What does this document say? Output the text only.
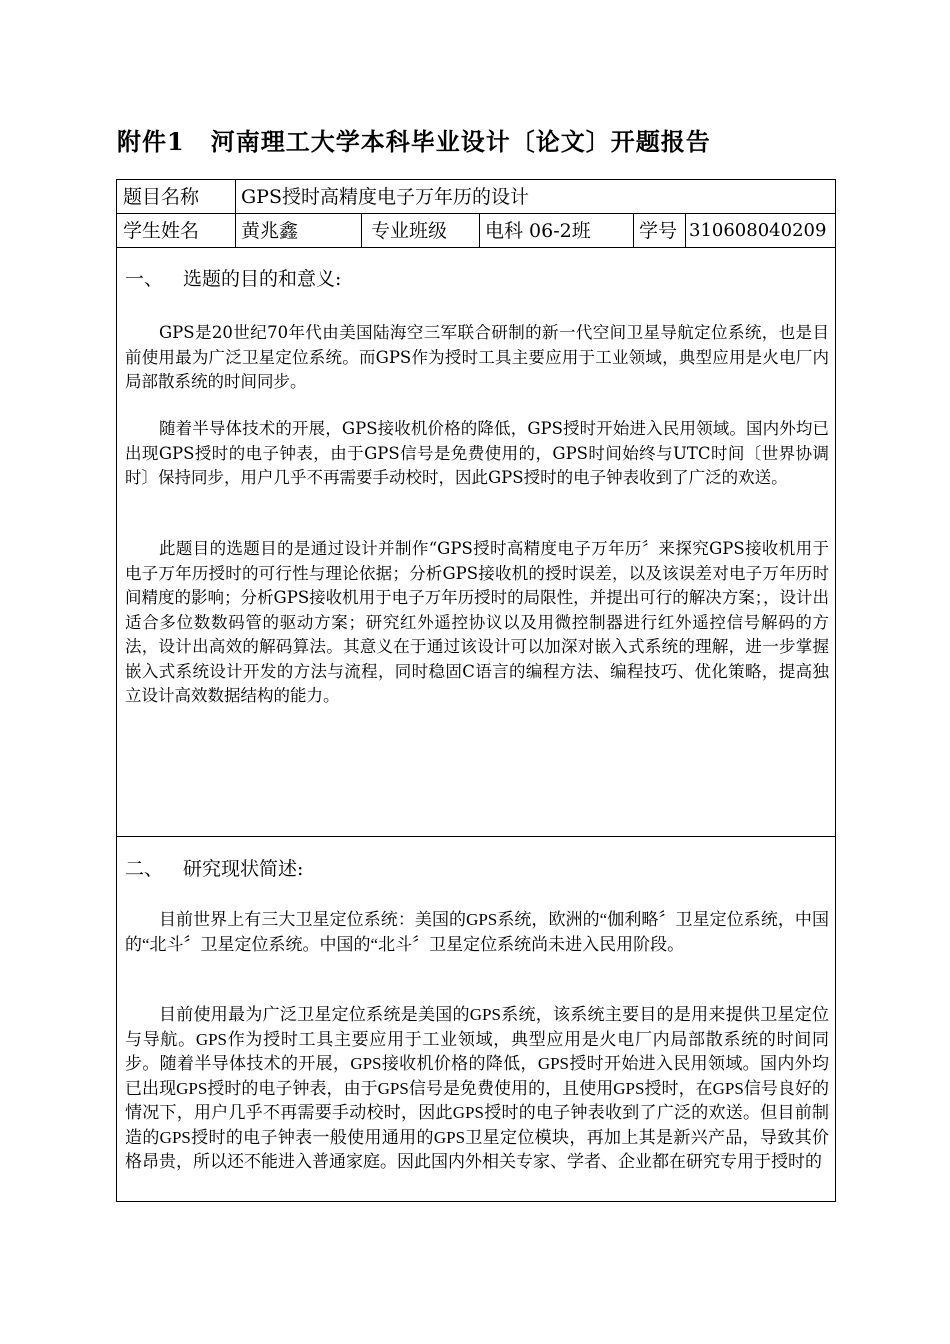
附件1 河南理工大学本科毕业设计〔论文〕开题报告
题目名称	GPS授时高精度电子万年历的设计
学生姓名	黄兆鑫	专业班级	电科 06-2班	学号 310608040209
一、 选题的目的和意义:

GPS是20世纪70年代由美国陆海空三军联合研制的新一代空间卫星导航定位系统，也是目前使用最为广泛卫星定位系统。而GPS作为授时工具主要应用于工业领域，典型应用是火电厂内局部散系统的时间同步。

随着半导体技术的开展，GPS接收机价格的降低，GPS授时开始进入民用领域。国内外均已出现GPS授时的电子钟表，由于GPS信号是免费使用的，GPS时间始终与UTC时间〔世界协调时〕保持同步，用户几乎不再需要手动校时，因此GPS授时的电子钟表收到了广泛的欢送。

此题目的选题目的是通过设计并制作“GPS授时高精度电子万年历〞来探究GPS接收机用于电子万年历授时的可行性与理论依据；分析GPS接收机的授时误差，以及该误差对电子万年历时间精度的影响；分析GPS接收机用于电子万年历授时的局限性，并提出可行的解决方案；，设计出适合多位数数码管的驱动方案；研究红外遥控协议以及用微控制器进行红外遥控信号解码的方法，设计出高效的解码算法。其意义在于通过该设计可以加深对嵌入式系统的理解，进一步掌握嵌入式系统设计开发的方法与流程，同时稳固C语言的编程方法、编程技巧、优化策略，提高独立设计高效数据结构的能力。

二、 研究现状简述:

目前世界上有三大卫星定位系统：美国的GPS系统，欧洲的“伽利略〞卫星定位系统，中国的“北斗〞卫星定位系统。中国的“北斗〞卫星定位系统尚未进入民用阶段。

目前使用最为广泛卫星定位系统是美国的GPS系统，该系统主要目的是用来提供卫星定位与导航。GPS作为授时工具主要应用于工业领域，典型应用是火电厂内局部散系统的时间同步。随着半导体技术的开展，GPS接收机价格的降低，GPS授时开始进入民用领域。国内外均已出现GPS授时的电子钟表，由于GPS信号是免费使用的，且使用GPS授时，在GPS信号良好的情况下，用户几乎不再需要手动校时，因此GPS授时的电子钟表收到了广泛的欢送。但目前制造的GPS授时的电子钟表一般使用通用的GPS卫星定位模块，再加上其是新兴产品，导致其价格昂贵，所以还不能进入普通家庭。因此国内外相关专家、学者、企业都在研究专用于授时的
